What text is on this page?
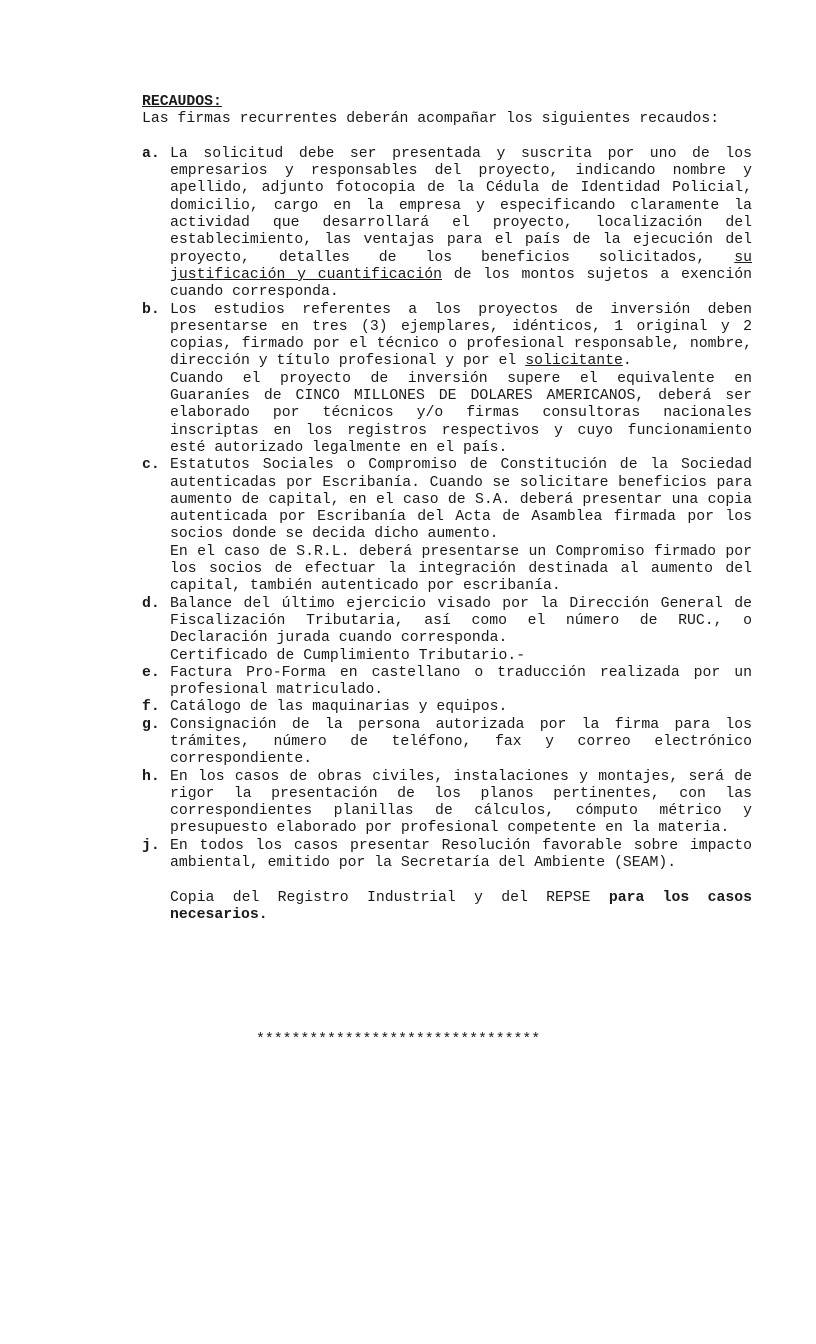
RECAUDOS:

Las firmas recurrentes deberán acompañar los siguientes recaudos:

a. La solicitud debe ser presentada y suscrita por uno de los empresarios y responsables del proyecto, indicando nombre y apellido, adjunto fotocopia de la Cédula de Identidad Policial, domicilio, cargo en la empresa y especificando claramente la actividad que desarrollará el proyecto, localización del establecimiento, las ventajas para el país de la ejecución del proyecto, detalles de los beneficios solicitados, su justificación y cuantificación de los montos sujetos a exención cuando corresponda.

b. Los estudios referentes a los proyectos de inversión deben presentarse en tres (3) ejemplares, idénticos, 1 original y 2 copias, firmado por el técnico o profesional responsable, nombre, dirección y título profesional y por el solicitante.

Cuando el proyecto de inversión supere el equivalente en Guaraníes de CINCO MILLONES DE DOLARES AMERICANOS, deberá ser elaborado por técnicos y/o firmas consultoras nacionales inscriptas en los registros respectivos y cuyo funcionamiento esté autorizado legalmente en el país.

c. Estatutos Sociales o Compromiso de Constitución de la Sociedad autenticadas por Escribanía. Cuando se solicitare beneficios para aumento de capital, en el caso de S.A. deberá presentar una copia autenticada por Escribanía del Acta de Asamblea firmada por los socios donde se decida dicho aumento.

En el caso de S.R.L. deberá presentarse un Compromiso firmado por los socios de efectuar la integración destinada al aumento del capital, también autenticado por escribanía.

d. Balance del último ejercicio visado por la Dirección General de Fiscalización Tributaria, así como el número de RUC., o Declaración jurada cuando corresponda.

Certificado de Cumplimiento Tributario.-

e. Factura Pro-Forma en castellano o traducción realizada por un profesional matriculado.

f. Catálogo de las maquinarias y equipos.

g. Consignación de la persona autorizada por la firma para los trámites, número de teléfono, fax y correo electrónico correspondiente.

h. En los casos de obras civiles, instalaciones y montajes, será de rigor la presentación de los planos pertinentes, con las correspondientes planillas de cálculos, cómputo métrico y presupuesto elaborado por profesional competente en la materia.

j. En todos los casos presentar Resolución favorable sobre impacto ambiental, emitido por la Secretaría del Ambiente (SEAM).

Copia del Registro Industrial y del REPSE para los casos necesarios.

********************************
